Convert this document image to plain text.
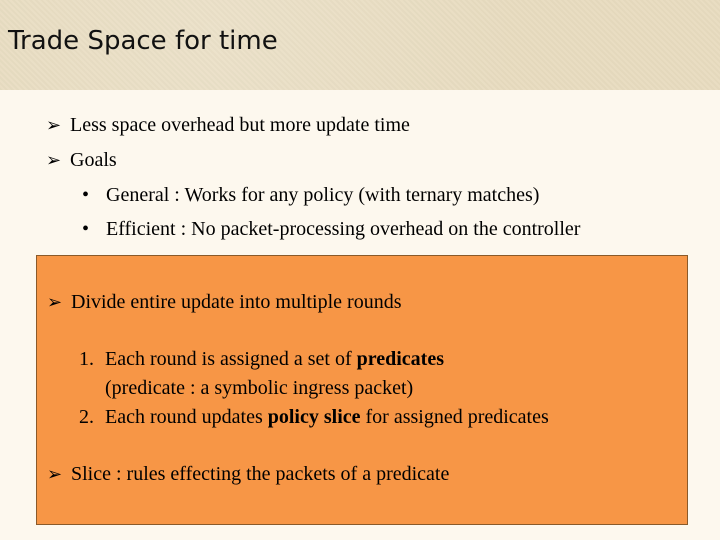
Trade Space for time
➢ Less space overhead but more update time
➢ Goals
• General : Works for any policy (with ternary matches)
• Efficient : No packet-processing overhead on the controller
➢ Divide entire update into multiple rounds
1. Each round is assigned a set of predicates
(predicate : a symbolic ingress packet)
2. Each round updates policy slice for assigned predicates
➢ Slice : rules effecting the packets of a predicate
